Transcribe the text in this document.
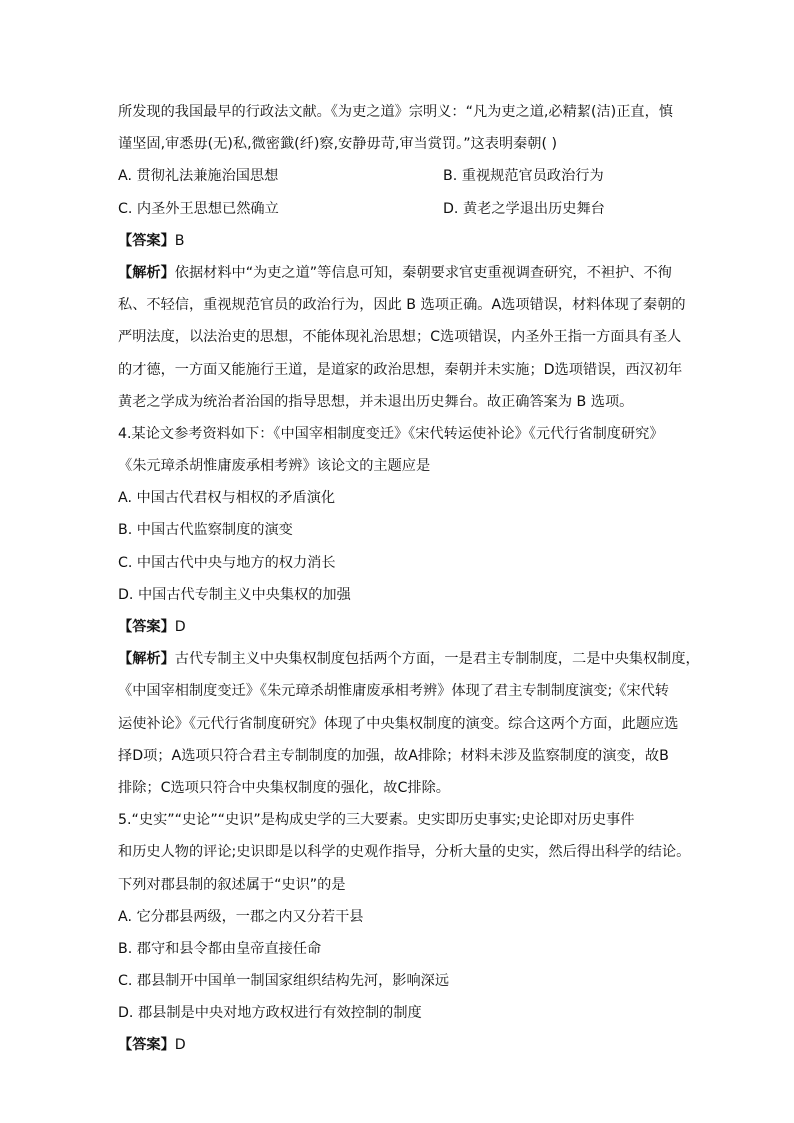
所发现的我国最早的行政法文献。《为吏之道》宗明义：“凡为吏之道,必精絜(洁)正直，慎
谨坚固,审悉毋(无)私,微密韱(纤)察,安静毋苛,审当赏罚。”这表明秦朝( )
A. 贯彻礼法兼施治国思想	B. 重视规范官员政治行为
C. 内圣外王思想已然确立	D. 黄老之学退出历史舞台
【答案】B
【解析】依据材料中“为吏之道”等信息可知，秦朝要求官吏重视调查研究，不袒护、不徇
私、不轻信，重视规范官员的政治行为，因此 B 选项正确。A选项错误，材料体现了秦朝的
严明法度，以法治吏的思想，不能体现礼治思想；C选项错误，内圣外王指一方面具有圣人
的才德，一方面又能施行王道，是道家的政治思想，秦朝并未实施；D选项错误，西汉初年
黄老之学成为统治者治国的指导思想，并未退出历史舞台。故正确答案为 B 选项。
4.某论文参考资料如下：《中国宰相制度变迁》《宋代转运使补论》《元代行省制度研究》
《朱元璋杀胡惟庸废承相考辨》该论文的主题应是
A. 中国古代君权与相权的矛盾演化
B. 中国古代监察制度的演变
C. 中国古代中央与地方的权力消长
D. 中国古代专制主义中央集权的加强
【答案】D
【解析】古代专制主义中央集权制度包括两个方面，一是君主专制制度，二是中央集权制度，
《中国宰相制度变迁》《朱元璋杀胡惟庸废承相考辨》体现了君主专制制度演变;《宋代转
运使补论》《元代行省制度研究》体现了中央集权制度的演变。综合这两个方面，此题应选
择D项；A选项只符合君主专制制度的加强，故A排除；材料未涉及监察制度的演变，故B
排除；C选项只符合中央集权制度的强化，故C排除。
5.“史实”“史论”“史识”是构成史学的三大要素。史实即历史事实;史论即对历史事件
和历史人物的评论;史识即是以科学的史观作指导，分析大量的史实，然后得出科学的结论。
下列对郡县制的叙述属于“史识”的是
A. 它分郡县两级，一郡之内又分若干县
B. 郡守和县令都由皇帝直接任命
C. 郡县制开中国单一制国家组织结构先河，影响深远
D. 郡县制是中央对地方政权进行有效控制的制度
【答案】D
